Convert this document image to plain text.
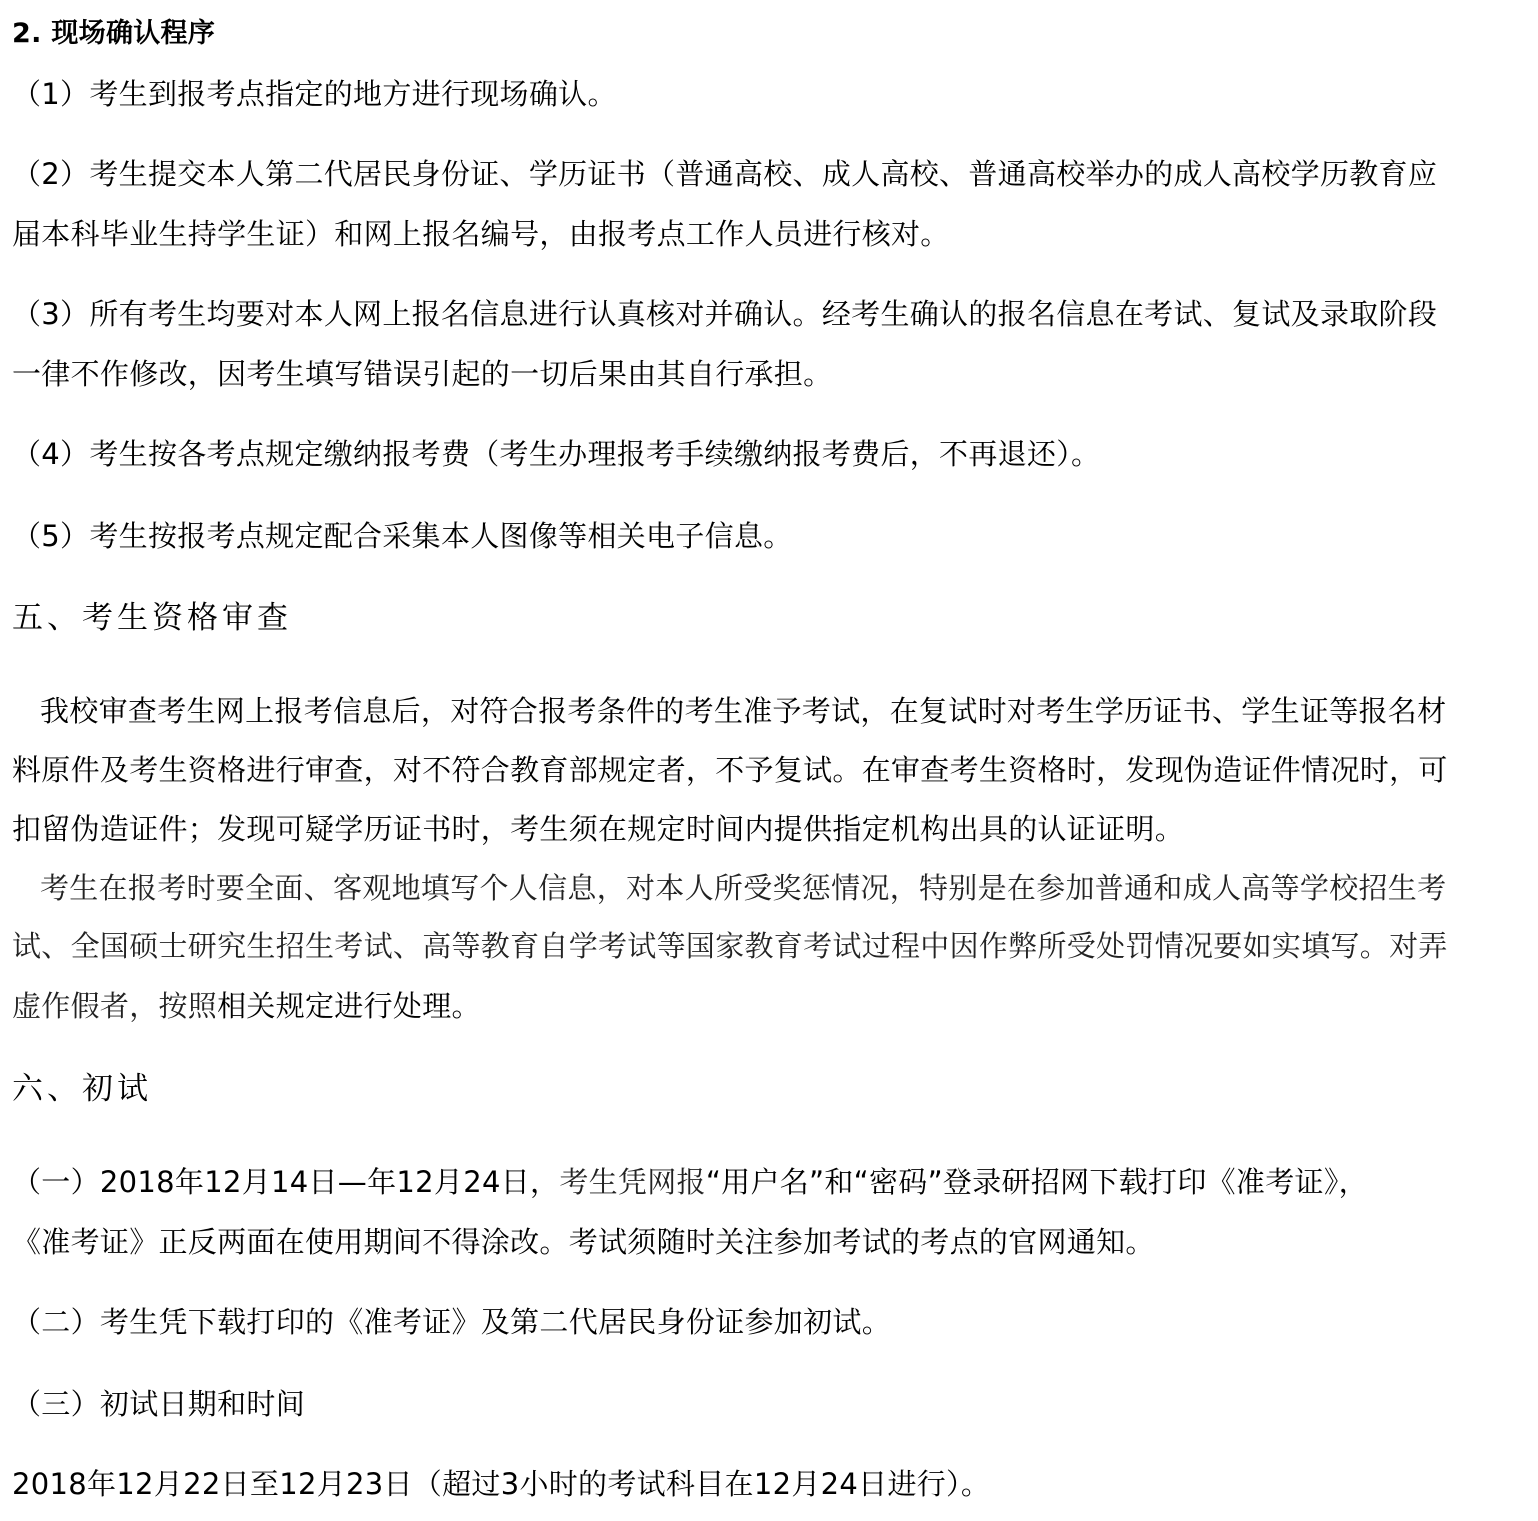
2. 现场确认程序
（1）考生到报考点指定的地方进行现场确认。
（2）考生提交本人第二代居民身份证、学历证书（普通高校、成人高校、普通高校举办的成人高校学历教育应
届本科毕业生持学生证）和网上报名编号，由报考点工作人员进行核对。
（3）所有考生均要对本人网上报名信息进行认真核对并确认。经考生确认的报名信息在考试、复试及录取阶段
一律不作修改，因考生填写错误引起的一切后果由其自行承担。
（4）考生按各考点规定缴纳报考费（考生办理报考手续缴纳报考费后，不再退还）。
（5）考生按报考点规定配合采集本人图像等相关电子信息。
五、考生资格审查
我校审查考生网上报考信息后，对符合报考条件的考生准予考试，在复试时对考生学历证书、学生证等报名材
料原件及考生资格进行审查，对不符合教育部规定者，不予复试。在审查考生资格时，发现伪造证件情况时，可
扣留伪造证件；发现可疑学历证书时，考生须在规定时间内提供指定机构出具的认证证明。
考生在报考时要全面、客观地填写个人信息，对本人所受奖惩情况，特别是在参加普通和成人高等学校招生考
试、全国硕士研究生招生考试、高等教育自学考试等国家教育考试过程中因作弊所受处罚情况要如实填写。对弄
虚作假者，按照相关规定进行处理。
六、初试
（一）2018年12月14日—年12月24日，考生凭网报“用户名”和“密码”登录研招网下载打印《准考证》，
《准考证》正反两面在使用期间不得涂改。考试须随时关注参加考试的考点的官网通知。
（二）考生凭下载打印的《准考证》及第二代居民身份证参加初试。
（三）初试日期和时间
2018年12月22日至12月23日（超过3小时的考试科目在12月24日进行）。
